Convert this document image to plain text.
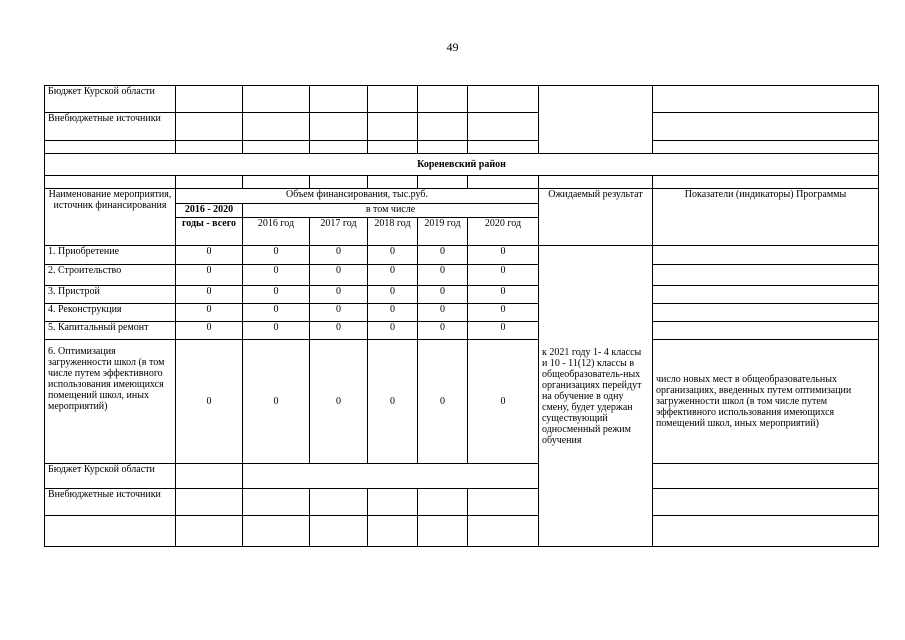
49
Бюджет Курской области								
Внебюджетные источники								

Кореневский район								

Наименование мероприятия, источник финансирования	Объем финансирования, тыс.руб.						Ожидаемый результат	Показатели (индикаторы) Программы
	2016 - 2020	в том числе						
	годы - всего	2016 год	2017 год	2018 год	2019 год	2020 год		
1. Приобретение	0	0	0	0	0	0	к 2021 году 1- 4 классы и 10 - 11(12) классы в общеобразователь-ных организациях перейдут на обучение в одну смену, будет удержан существующий односменный режим обучения	
2. Строительство	0	0	0	0	0	0		
3. Пристрой	0	0	0	0	0	0		
4. Реконструкция	0	0	0	0	0	0		
5. Капитальный ремонт	0	0	0	0	0	0		
6. Оптимизация загруженности школ (в том числе путем эффективного использования имеющихся помещений школ, иных мероприятий)	0	0	0	0	0	0		число новых мест в общеобразовательных организациях, введенных путем оптимизации загруженности школ (в том числе путем эффективного использования имеющихся помещений школ, иных мероприятий)
Бюджет Курской области								
Внебюджетные источники								
